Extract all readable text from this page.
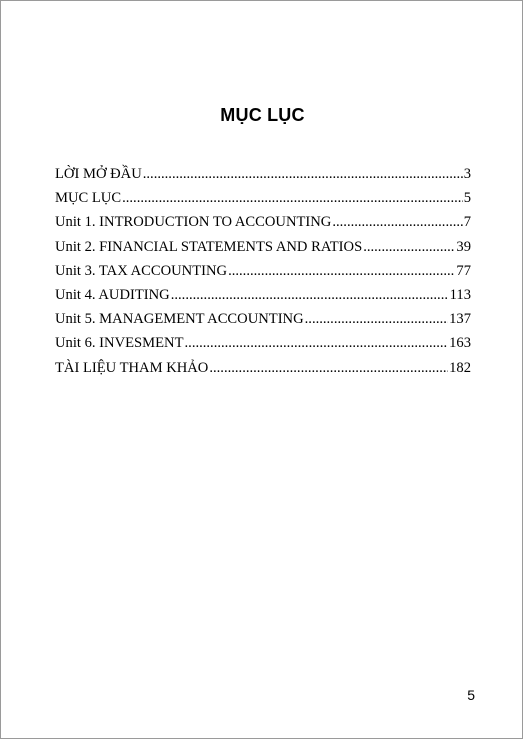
MỤC LỤC
LỜI MỞ ĐẦU .....	3
MỤC LỤC .....	5
Unit 1. INTRODUCTION TO ACCOUNTING .....	7
Unit 2. FINANCIAL STATEMENTS AND RATIOS .....	39
Unit 3. TAX ACCOUNTING .....	77
Unit 4. AUDITING .....	113
Unit 5. MANAGEMENT ACCOUNTING .....	137
Unit 6. INVESMENT .....	163
TÀI LIỆU THAM KHẢO .....	182
5
